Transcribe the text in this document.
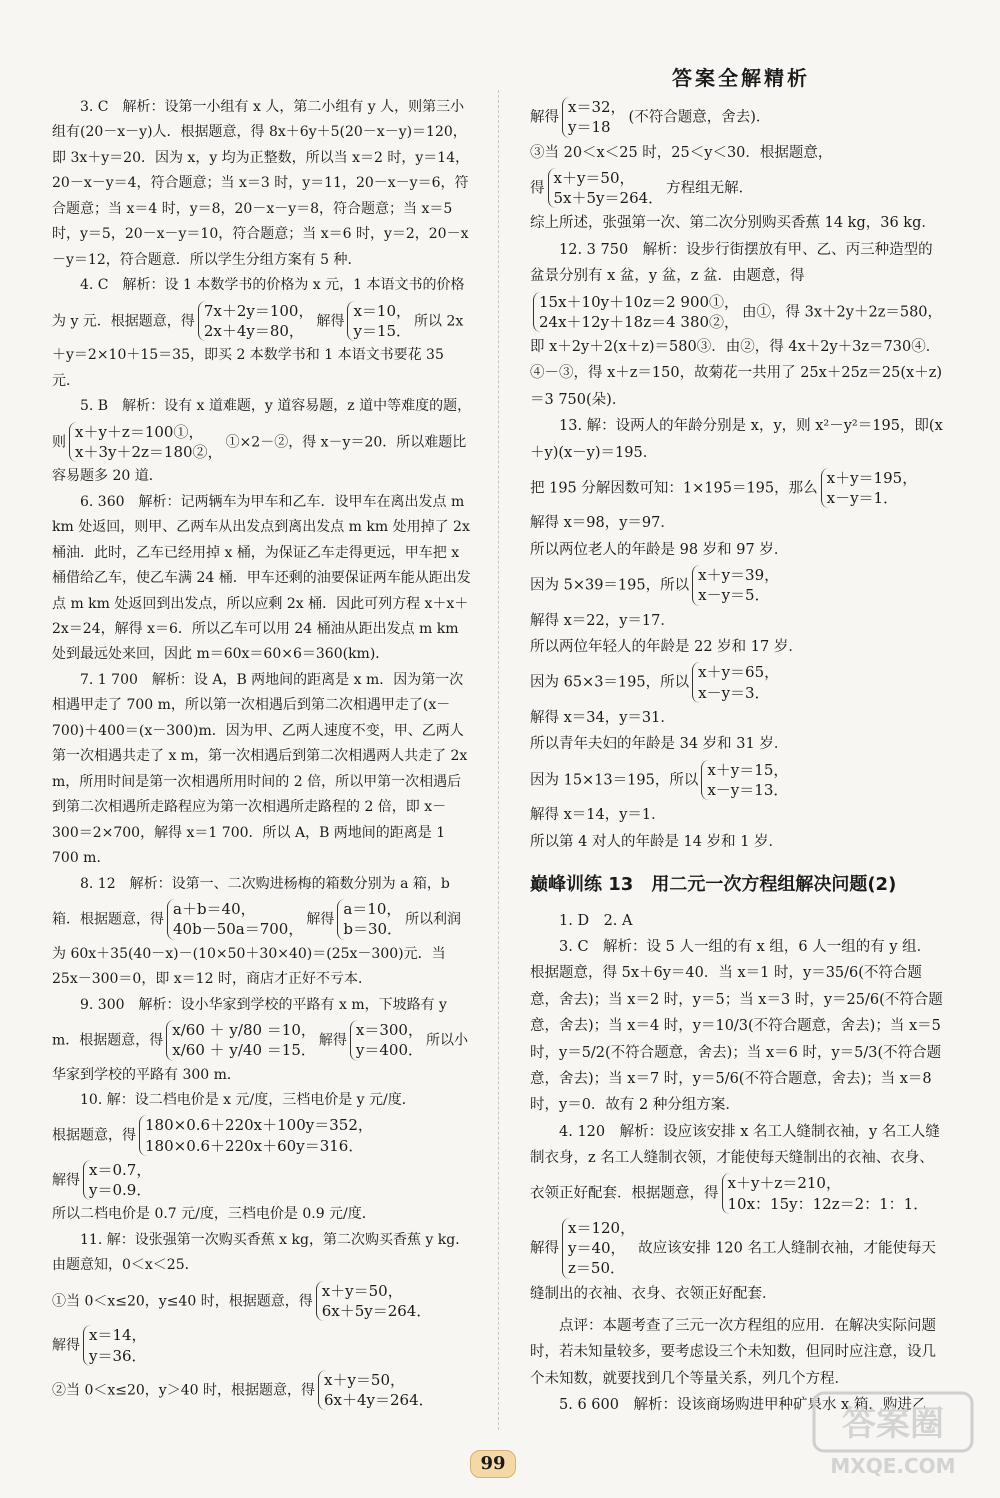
答案全解精析
3. C　解析：设第一小组有 x 人，第二小组有 y 人，则第三小组有(20－x－y)人．根据题意，得 8x＋6y＋5(20－x－y)＝120，即 3x＋y＝20．因为 x，y 均为正整数，所以当 x＝2 时，y＝14，20－x－y＝4，符合题意；当 x＝3 时，y＝11，20－x－y＝6，符合题意；当 x＝4 时，y＝8，20－x－y＝8，符合题意；当 x＝5 时，y＝5，20－x－y＝10，符合题意；当 x＝6 时，y＝2，20－x－y＝12，符合题意．所以学生分组方案有 5 种．
4. C　解析：设 1 本数学书的价格为 x 元，1 本语文书的价格为 y 元．根据题意，得
7x＋2y＝100，
2x＋4y＝80，
解得
x＝10，
y＝15．
所以 2x＋y＝2×10＋15＝35，即买 2 本数学书和 1 本语文书要花 35 元．
5. B　解析：设有 x 道难题，y 道容易题，z 道中等难度的题，则
x＋y＋z＝100①，
x＋3y＋2z＝180②，
①×2－②，得 x－y＝20．所以难题比容易题多 20 道．
6. 360　解析：记两辆车为甲车和乙车．设甲车在离出发点 m km 处返回，则甲、乙两车从出发点到离出发点 m km 处用掉了 2x 桶油．此时，乙车已经用掉 x 桶，为保证乙车走得更远，甲车把 x 桶借给乙车，使乙车满 24 桶．甲车还剩的油要保证两车能从距出发点 m km 处返回到出发点，所以应剩 2x 桶．因此可列方程 x＋x＋2x＝24，解得 x＝6．所以乙车可以用 24 桶油从距出发点 m km 处到最远处来回，因此 m＝60x＝60×6＝360(km)．
7. 1 700　解析：设 A，B 两地间的距离是 x m．因为第一次相遇甲走了 700 m，所以第一次相遇后到第二次相遇甲走了(x－700)＋400＝(x－300)m．因为甲、乙两人速度不变，甲、乙两人第一次相遇共走了 x m，第一次相遇后到第二次相遇两人共走了 2x m，所用时间是第一次相遇所用时间的 2 倍，所以甲第一次相遇后到第二次相遇所走路程应为第一次相遇所走路程的 2 倍，即 x－300＝2×700，解得 x＝1 700．所以 A，B 两地间的距离是 1 700 m．
8. 12　解析：设第一、二次购进杨梅的箱数分别为 a 箱，b 箱．根据题意，得
a＋b＝40，
40b－50a＝700，
解得
a＝10，
b＝30．
所以利润为 60x＋35(40－x)－(10×50＋30×40)＝(25x－300)元．当 25x－300＝0，即 x＝12 时，商店才正好不亏本．
9. 300　解析：设小华家到学校的平路有 x m，下坡路有 y m．根据题意，得
x/60 ＋ y/80 ＝10，
x/60 ＋ y/40 ＝15．
解得
x＝300，
y＝400．
所以小华家到学校的平路有 300 m．
10. 解：设二档电价是 x 元/度，三档电价是 y 元/度．
根据题意，得
180×0.6＋220x＋100y＝352，
180×0.6＋220x＋60y＝316．
解得
x＝0.7，
y＝0.9．
所以二档电价是 0.7 元/度，三档电价是 0.9 元/度．
11. 解：设张强第一次购买香蕉 x kg，第二次购买香蕉 y kg．由题意知，0＜x＜25．
①当 0＜x≤20，y≤40 时，根据题意，得
x＋y＝50，
6x＋5y＝264．
解得
x＝14，
y＝36．
②当 0＜x≤20，y＞40 时，根据题意，得
x＋y＝50，
6x＋4y＝264．
解得
x＝32，
y＝18
(不符合题意，舍去)．
③当 20＜x＜25 时，25＜y＜30．根据题意，
得
x＋y＝50，
5x＋5y＝264．
方程组无解．
综上所述，张强第一次、第二次分别购买香蕉 14 kg，36 kg．
12. 3 750　解析：设步行街摆放有甲、乙、丙三种造型的盆景分别有 x 盆，y 盆，z 盆．由题意，得
15x＋10y＋10z＝2 900①，
24x＋12y＋18z＝4 380②，
由①，得 3x＋2y＋2z＝580，即 x＋2y＋2(x＋z)＝580③．由②，得 4x＋2y＋3z＝730④．④－③，得 x＋z＝150，故菊花一共用了 25x＋25z＝25(x＋z)＝3 750(朵)．
13. 解：设两人的年龄分别是 x，y，则 x²－y²＝195，即(x＋y)(x－y)＝195．
把 195 分解因数可知：1×195＝195，那么
x＋y＝195，
x－y＝1．
解得 x＝98，y＝97．
所以两位老人的年龄是 98 岁和 97 岁．
因为 5×39＝195，所以
x＋y＝39，
x－y＝5．
解得 x＝22，y＝17．
所以两位年轻人的年龄是 22 岁和 17 岁．
因为 65×3＝195，所以
x＋y＝65，
x－y＝3．
解得 x＝34，y＝31．
所以青年夫妇的年龄是 34 岁和 31 岁．
因为 15×13＝195，所以
x＋y＝15，
x－y＝13．
解得 x＝14，y＝1．
所以第 4 对人的年龄是 14 岁和 1 岁．
巅峰训练 13　用二元一次方程组解决问题(2)
1. D　2. A
3. C　解析：设 5 人一组的有 x 组，6 人一组的有 y 组．根据题意，得 5x＋6y＝40．当 x＝1 时，y＝35/6(不符合题意，舍去)；当 x＝2 时，y＝5；当 x＝3 时，y＝25/6(不符合题意，舍去)；当 x＝4 时，y＝10/3(不符合题意，舍去)；当 x＝5 时，y＝5/2(不符合题意，舍去)；当 x＝6 时，y＝5/3(不符合题意，舍去)；当 x＝7 时，y＝5/6(不符合题意，舍去)；当 x＝8 时，y＝0．故有 2 种分组方案．
4. 120　解析：设应该安排 x 名工人缝制衣袖，y 名工人缝制衣身，z 名工人缝制衣领，才能使每天缝制出的衣袖、衣身、衣领正好配套．根据题意，得
x＋y＋z＝210，
10x：15y：12z＝2：1：1．
解得
x＝120，
y＝40，
z＝50．
故应该安排 120 名工人缝制衣袖，才能使每天缝制出的衣袖、衣身、衣领正好配套．
点评：本题考查了三元一次方程组的应用．在解决实际问题时，若未知量较多，要考虑设三个未知数，但同时应注意，设几个未知数，就要找到几个等量关系，列几个方程．
5. 6 600　解析：设该商场购进甲种矿泉水 x 箱，购进乙
99
答案圈
MXQE.COM
